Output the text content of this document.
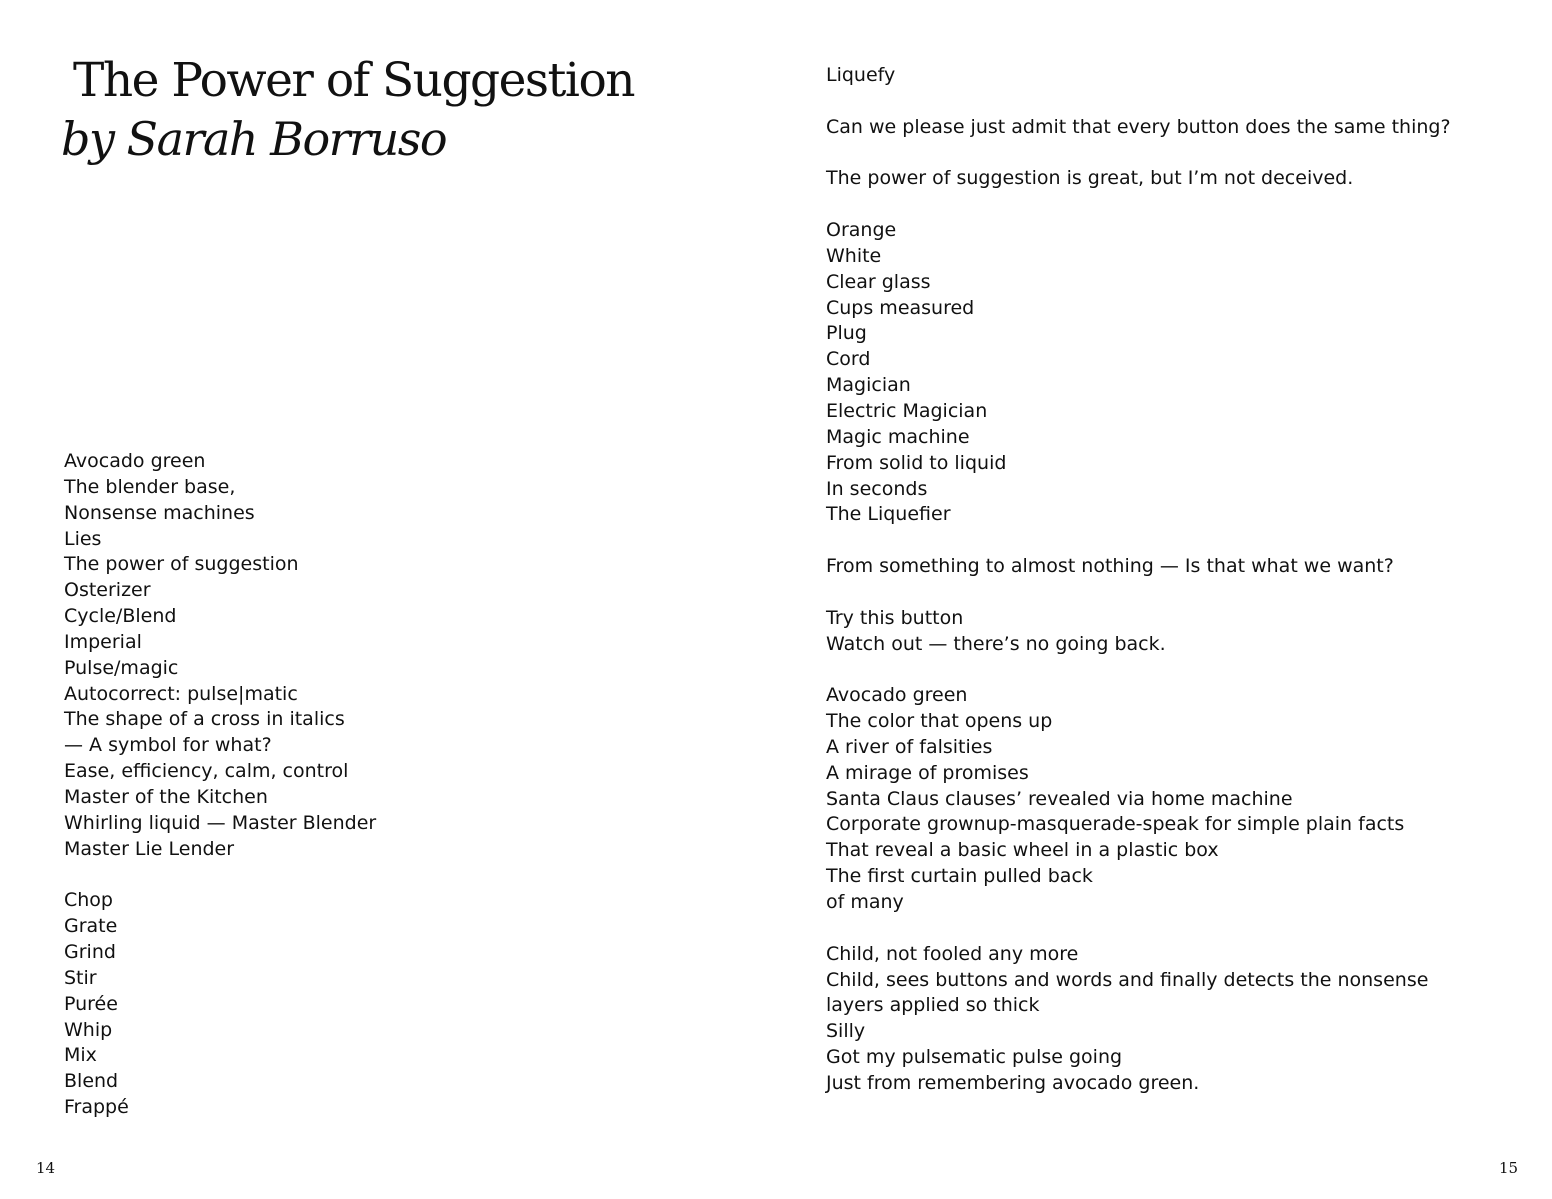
The Power of Suggestion
by Sarah Borruso
Avocado green
The blender base,
Nonsense machines
Lies
The power of suggestion
Osterizer
Cycle/Blend
Imperial
Pulse/magic
Autocorrect: pulse|matic
The shape of a cross in italics
— A symbol for what?
Ease, efficiency, calm, control
Master of the Kitchen
Whirling liquid — Master Blender
Master Lie Lender
Chop
Grate
Grind
Stir
Purée
Whip
Mix
Blend
Frappé
14
Liquefy
Can we please just admit that every button does the same thing?
The power of suggestion is great, but I’m not deceived.
Orange
White
Clear glass
Cups measured
Plug
Cord
Magician
Electric Magician
Magic machine
From solid to liquid
In seconds
The Liquefier
From something to almost nothing — Is that what we want?
Try this button
Watch out — there’s no going back.
Avocado green
The color that opens up
A river of falsities
A mirage of promises
Santa Claus clauses’ revealed via home machine
Corporate grownup-masquerade-speak for simple plain facts
That reveal a basic wheel in a plastic box
The first curtain pulled back
of many
Child, not fooled any more
Child, sees buttons and words and finally detects the nonsense
layers applied so thick
Silly
Got my pulsematic pulse going
Just from remembering avocado green.
15
